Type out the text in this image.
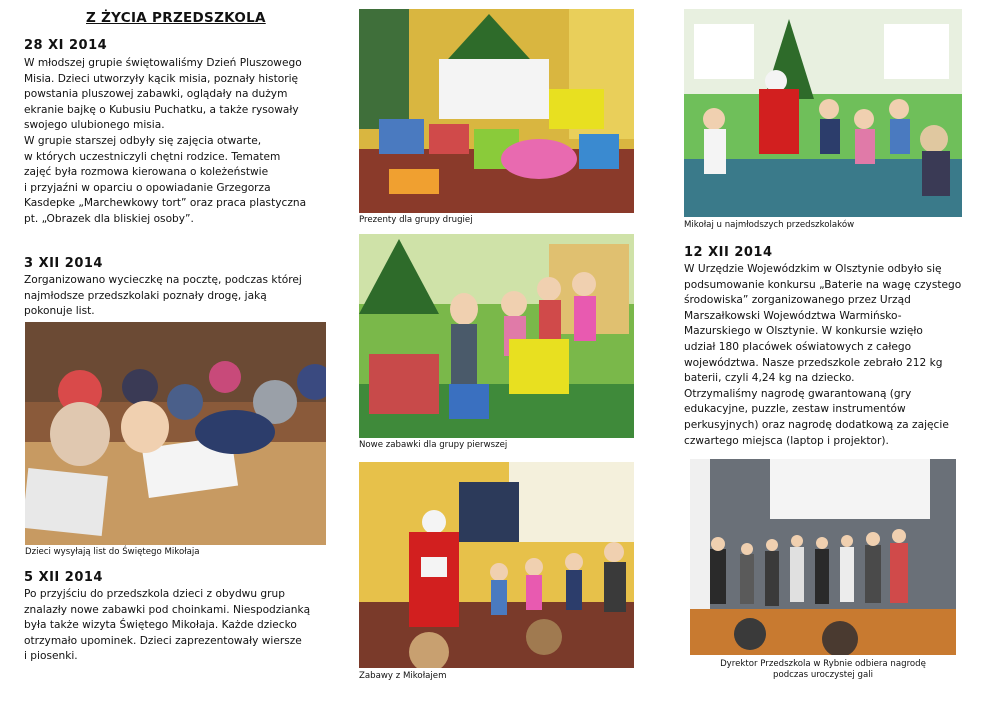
Z ŻYCIA PRZEDSZKOLA
28 XI 2014
W młodszej grupie świętowaliśmy Dzień Pluszowego
Misia. Dzieci utworzyły kącik misia, poznały historię
powstania pluszowej zabawki, oglądały na dużym
ekranie bajkę o Kubusiu Puchatku, a także rysowały
swojego ulubionego misia.
W grupie starszej odbyły się zajęcia otwarte,
w których uczestniczyli chętni rodzice. Tematem
zajęć była rozmowa kierowana o koleżeństwie
i przyjaźni w oparciu o opowiadanie Grzegorza
Kasdepke „Marchewkowy tort” oraz praca plastyczna
pt. „Obrazek dla bliskiej osoby”.
3 XII 2014
Zorganizowano wycieczkę na pocztę, podczas której
najmłodsze przedszkolaki poznały drogę, jaką
pokonuje list.
Dzieci wysyłają list do Świętego Mikołaja
5 XII 2014
Po przyjściu do przedszkola dzieci z obydwu grup
znalazły nowe zabawki pod choinkami. Niespodzianką
była także wizyta Świętego Mikołaja. Każde dziecko
otrzymało upominek. Dzieci zaprezentowały wiersze
i piosenki.
Prezenty dla grupy drugiej
Nowe zabawki dla grupy pierwszej
Zabawy z Mikołajem
Mikołaj u najmłodszych przedszkolaków
12 XII 2014
W Urzędzie Wojewódzkim w Olsztynie odbyło się
podsumowanie konkursu „Baterie na wagę czystego
środowiska” zorganizowanego przez Urząd
Marszałkowski Województwa Warmińsko-
Mazurskiego w Olsztynie. W konkursie wzięło
udział 180 placówek oświatowych z całego
województwa. Nasze przedszkole zebrało 212 kg
baterii, czyli 4,24 kg na dziecko.
Otrzymaliśmy nagrodę gwarantowaną (gry
edukacyjne, puzzle, zestaw instrumentów
perkusyjnych) oraz nagrodę dodatkową za zajęcie
czwartego miejsca (laptop i projektor).
Dyrektor Przedszkola w Rybnie odbiera nagrodę
podczas uroczystej gali
